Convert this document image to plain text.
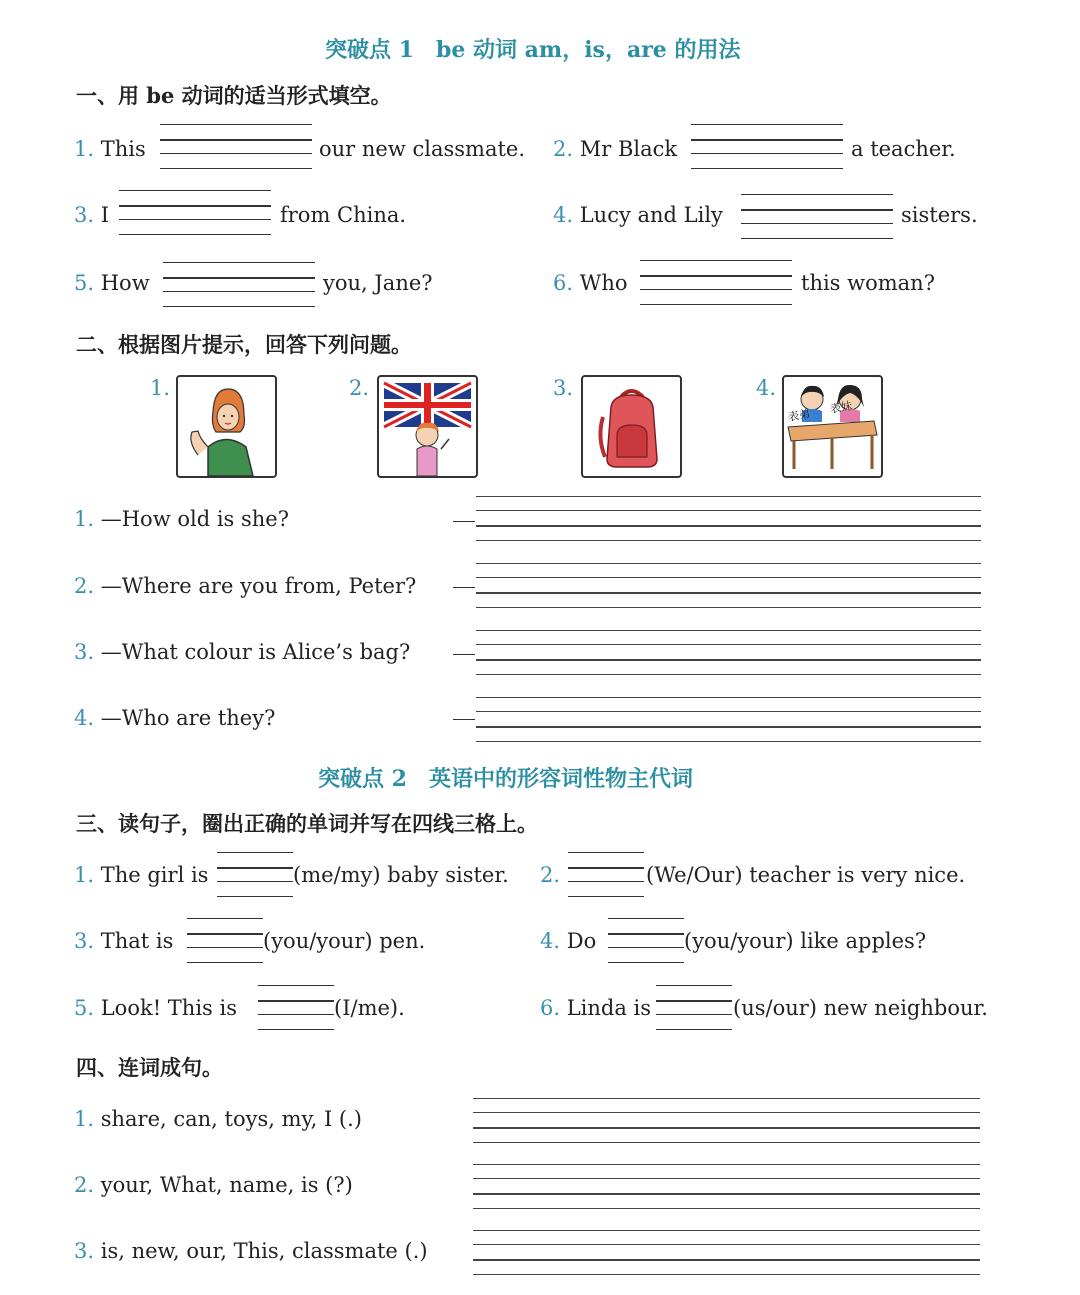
突破点 1　be 动词 am，is，are 的用法
一、用 be 动词的适当形式填空。
1. This	our new classmate. 2. Mr Black	a teacher.
3. I	from China.	4. Lucy and Lily	sisters.
5. How	you, Jane?	6. Who	this woman?
二、根据图片提示，回答下列问题。
1.	2.	3.	4.
表弟 表妹
1. —How old is she?
2. —Where are you from, Peter?
3. —What colour is Alice’s bag?
4. —Who are they?
突破点 2　英语中的形容词性物主代词
三、读句子，圈出正确的单词并写在四线三格上。
1. The girl is	(me/my) baby sister. 2.	(We/Our) teacher is very nice.
3. That is	(you/your) pen.	4. Do	(you/your) like apples?
5. Look! This is	(I/me).	6. Linda is	(us/our) new neighbour.
四、连词成句。
1. share, can, toys, my, I (.)
2. your, What, name, is (?)
3. is, new, our, This, classmate (.)
